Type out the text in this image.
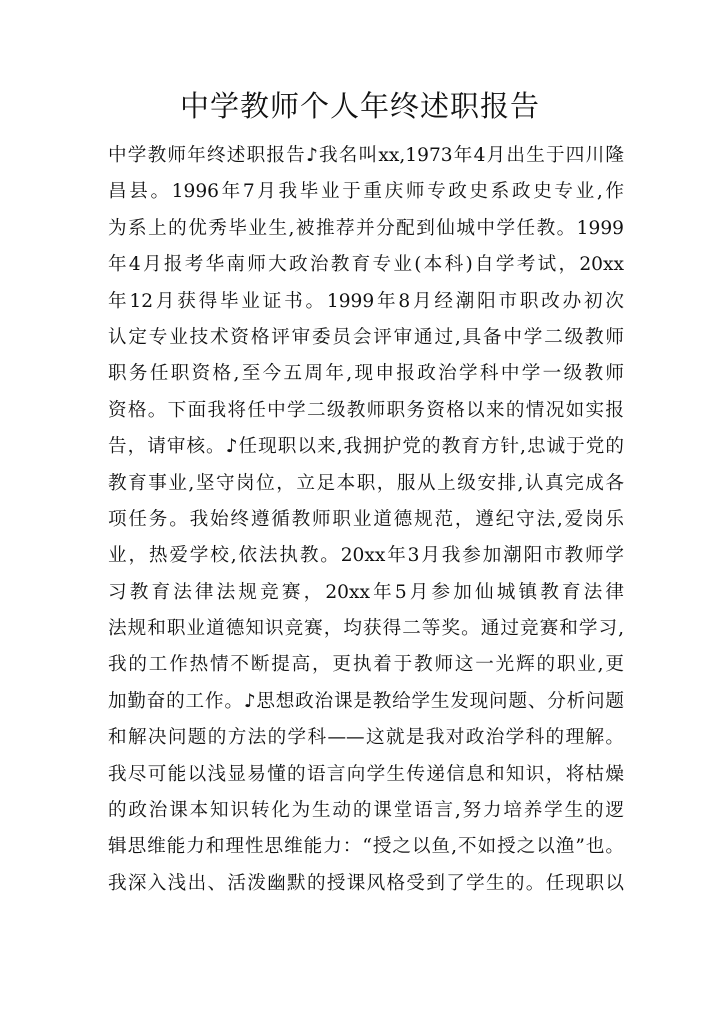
中学教师个人年终述职报告
中学教师年终述职报告♪我名叫xx,1973年4月出生于四川隆
昌县。1996年7月我毕业于重庆师专政史系政史专业,作
为系上的优秀毕业生,被推荐并分配到仙城中学任教。1999
年4月报考华南师大政治教育专业(本科)自学考试，20xx
年12月获得毕业证书。1999年8月经潮阳市职改办初次
认定专业技术资格评审委员会评审通过,具备中学二级教师
职务任职资格,至今五周年,现申报政治学科中学一级教师
资格。下面我将任中学二级教师职务资格以来的情况如实报
告，请审核。♪任现职以来,我拥护党的教育方针,忠诚于党的
教育事业,坚守岗位，立足本职，服从上级安排,认真完成各
项任务。我始终遵循教师职业道德规范，遵纪守法,爱岗乐
业，热爱学校,依法执教。20xx年3月我参加潮阳市教师学
习教育法律法规竞赛，20xx年5月参加仙城镇教育法律
法规和职业道德知识竞赛，均获得二等奖。通过竞赛和学习,
我的工作热情不断提高，更执着于教师这一光辉的职业,更
加勤奋的工作。♪思想政治课是教给学生发现问题、分析问题
和解决问题的方法的学科——这就是我对政治学科的理解。
我尽可能以浅显易懂的语言向学生传递信息和知识，将枯燥
的政治课本知识转化为生动的课堂语言,努力培养学生的逻
辑思维能力和理性思维能力：“授之以鱼,不如授之以渔”也。
我深入浅出、活泼幽默的授课风格受到了学生的。任现职以
